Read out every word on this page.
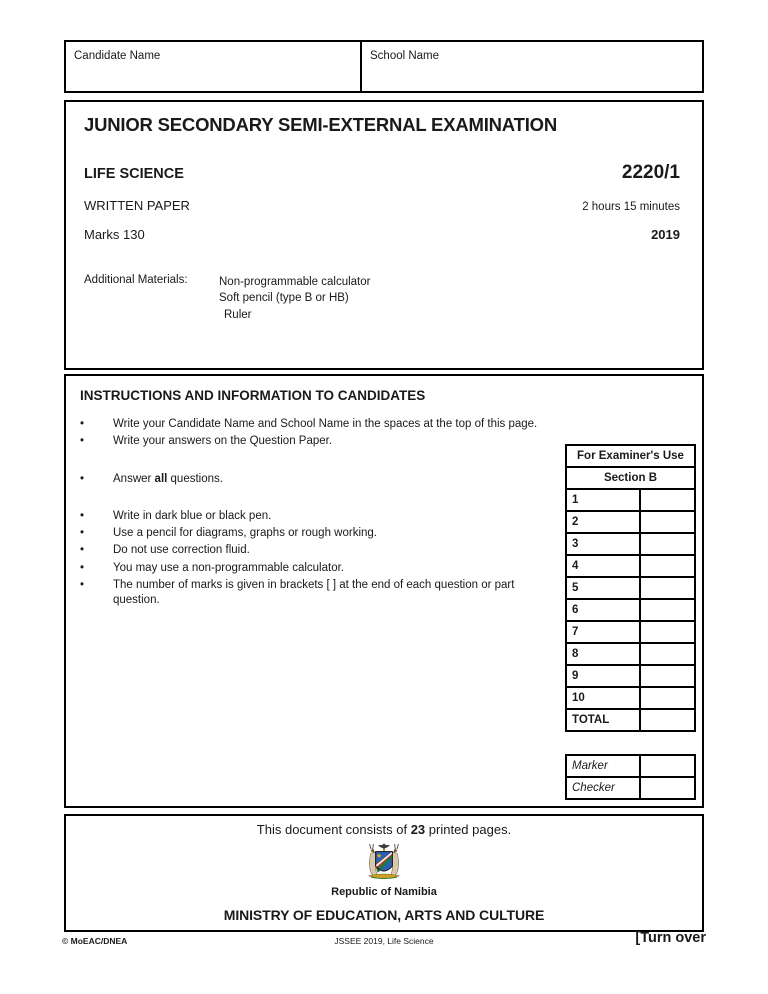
Candidate Name	School Name
JUNIOR SECONDARY SEMI-EXTERNAL EXAMINATION
LIFE SCIENCE	2220/1
WRITTEN PAPER	2 hours 15 minutes
Marks 130	2019
Additional Materials:	Non-programmable calculator
Soft pencil (type B or HB)
Ruler
INSTRUCTIONS AND INFORMATION TO CANDIDATES
•	Write your Candidate Name and School Name in the spaces at the top of this page.
•	Write your answers on the Question Paper.
•	Answer all questions.
•	Write in dark blue or black pen.
•	Use a pencil for diagrams, graphs or rough working.
•	Do not use correction fluid.
•	You may use a non-programmable calculator.
•	The number of marks is given in brackets [ ] at the end of each question or part question.
For Examiner's Use
Section B
1
2
3
4
5
6
7
8
9
10
TOTAL
Marker
Checker
This document consists of 23 printed pages.
Republic of Namibia
MINISTRY OF EDUCATION, ARTS AND CULTURE
JSSEE 2019, Life Science
© MoEAC/DNEA	[Turn over
